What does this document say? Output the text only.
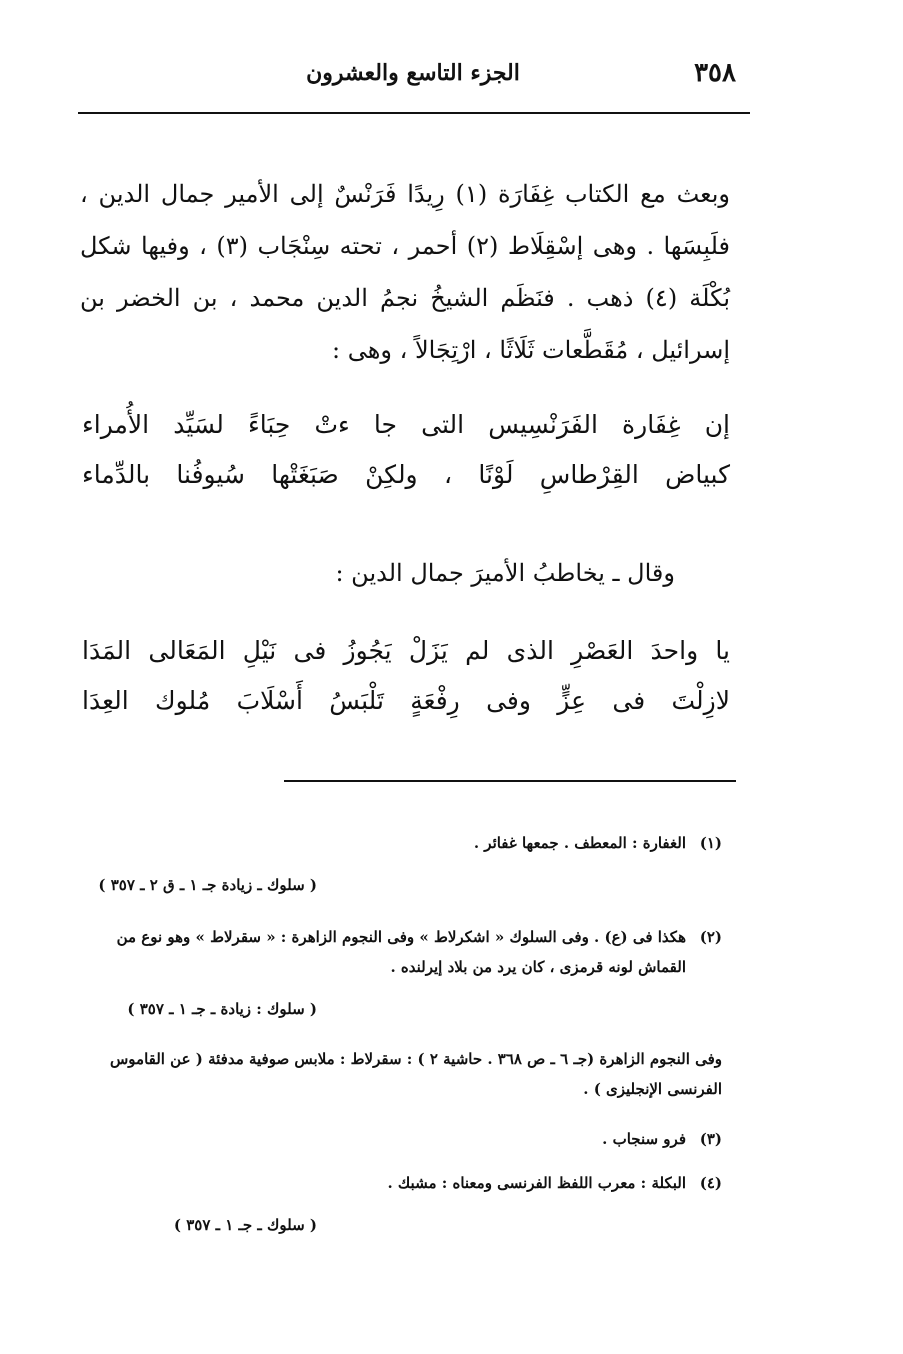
٣٥٨
الجزء التاسع والعشرون

وبعث مع الكتاب غِفَارَة (١) رِيدًا فَرَنْسٌ إلى الأمير جمال الدين ، فلَبِسَها . وهى إسْقِلَاط (٢) أحمر ، تحته سِنْجَاب (٣) ، وفيها شكل بُكْلَة (٤) ذهب . فنَظَم الشيخُ نجمُ الدين محمد ، بن الخضر بن إسرائيل ، مُقَطَّعات ثَلَاثًا ، ارْتِجَالاً ، وهى :

إن غِفَارة الفَرَنْسِيس التى جا ءتْ حِبَاءً لسَيِّد الأُمراء
كبياض القِرْطاسِ لَوْنًا ، ولكِنْ صَبَغَتْها سُيوفُنا بالدِّماء
وقال ـ يخاطبُ الأميرَ جمال الدين :
يا واحدَ العَصْرِ الذى لم يَزَلْ يَجُوزُ فى نَيْلِ المَعَالى المَدَا
لازِلْتَ فى عِزٍّ وفى رِفْعَةٍ تَلْبَسُ أَسْلَابَ مُلوك العِدَا
(١)
الغفارة : المعطف . جمعها غفائر .
( سلوك ـ زيادة جـ ١ ـ ق ٢ ـ ٣٥٧ )
(٢)
هكذا فى (ع) . وفى السلوك « اشكرلاط » وفى النجوم الزاهرة : « سقرلاط » وهو نوع من القماش لونه قرمزى ، كان يرد من بلاد إيرلنده .
( سلوك : زيادة ـ جـ ١ ـ ٣٥٧ )
وفى النجوم الزاهرة (جـ ٦ ـ ص ٣٦٨ . حاشية ٢ ) : سقرلاط : ملابس صوفية مدفئة ( عن القاموس الفرنسى الإنجليزى ) .
(٣)
فرو سنجاب .
(٤)
البكلة : معرب اللفظ الفرنسى ومعناه : مشبك .
( سلوك ـ جـ ١ ـ ٣٥٧ )
